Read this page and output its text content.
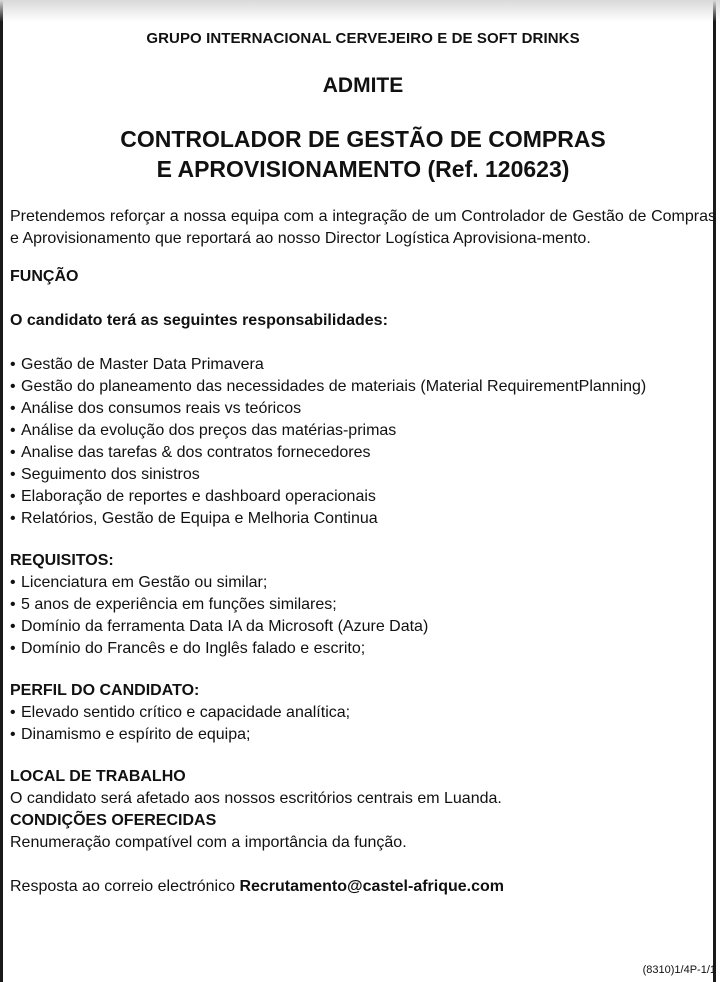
GRUPO INTERNACIONAL CERVEJEIRO E DE SOFT DRINKS
ADMITE
CONTROLADOR DE GESTÃO DE COMPRAS
E APROVISIONAMENTO (Ref. 120623)

Pretendemos reforçar a nossa equipa com a integração de um Controlador de Gestão de Compras e Aprovisionamento que reportará ao nosso Director Logística Aprovisiona-mento.

FUNÇÃO

O candidato terá as seguintes responsabilidades:

• Gestão de Master Data Primavera
• Gestão do planeamento das necessidades de materiais (Material RequirementPlanning)
• Análise dos consumos reais vs teóricos
• Análise da evolução dos preços das matérias-primas
• Analise das tarefas & dos contratos fornecedores
• Seguimento dos sinistros
• Elaboração de reportes e dashboard operacionais
• Relatórios, Gestão de Equipa e Melhoria Continua

REQUISITOS:

• Licenciatura em Gestão ou similar;
• 5 anos de experiência em funções similares;
• Domínio da ferramenta Data IA da Microsoft (Azure Data)
• Domínio do Francês e do Inglês falado e escrito;

PERFIL DO CANDIDATO:

• Elevado sentido crítico e capacidade analítica;
• Dinamismo e espírito de equipa;

LOCAL DE TRABALHO

O candidato será afetado aos nossos escritórios centrais em Luanda.

CONDIÇÕES OFERECIDAS

Renumeração compatível com a importância da função.

Resposta ao correio electrónico Recrutamento@castel-afrique.com

(8310)1/4P-1/1
